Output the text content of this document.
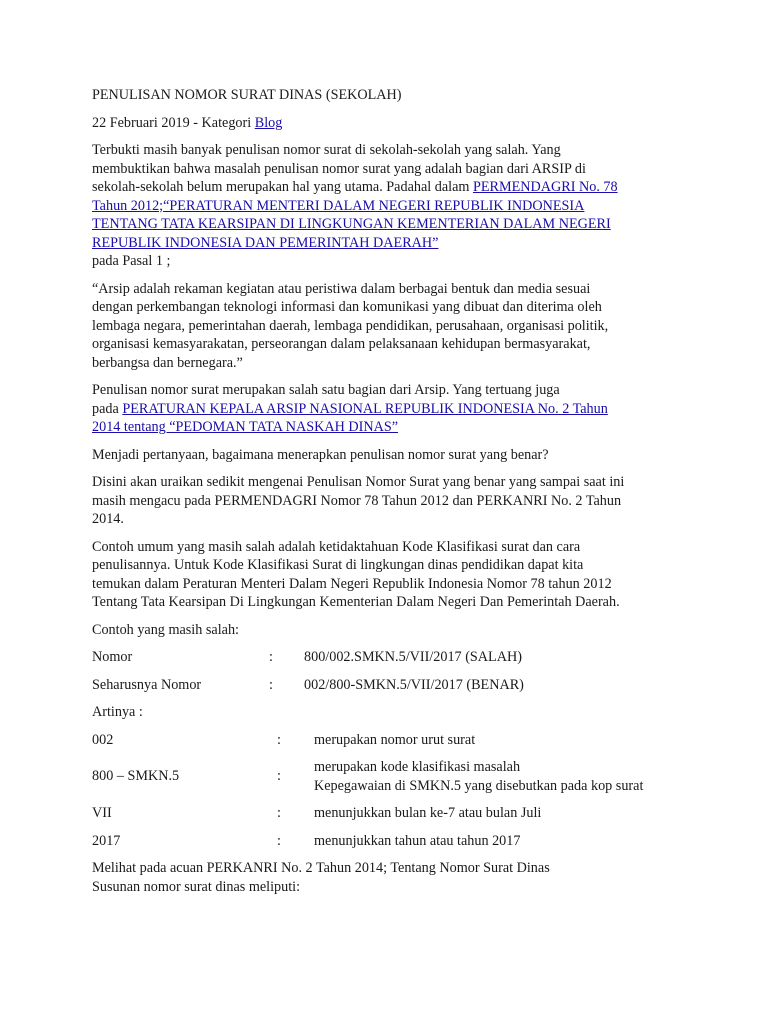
PENULISAN NOMOR SURAT DINAS (SEKOLAH)

22 Februari 2019 - Kategori Blog

Terbukti masih banyak penulisan nomor surat di sekolah-sekolah yang salah. Yang

membuktikan bahwa masalah penulisan nomor surat yang adalah bagian dari ARSIP di

sekolah-sekolah belum merupakan hal yang utama. Padahal dalam PERMENDAGRI No. 78

Tahun 2012;“PERATURAN MENTERI DALAM NEGERI REPUBLIK INDONESIA

TENTANG TATA KEARSIPAN DI LINGKUNGAN KEMENTERIAN DALAM NEGERI

REPUBLIK INDONESIA DAN PEMERINTAH DAERAH”

pada Pasal 1 ;

“Arsip adalah rekaman kegiatan atau peristiwa dalam berbagai bentuk dan media sesuai

dengan perkembangan teknologi informasi dan komunikasi yang dibuat dan diterima oleh

lembaga negara, pemerintahan daerah, lembaga pendidikan, perusahaan, organisasi politik,

organisasi kemasyarakatan, perseorangan dalam pelaksanaan kehidupan bermasyarakat,

berbangsa dan bernegara.”

Penulisan nomor surat merupakan salah satu bagian dari Arsip. Yang tertuang juga

pada PERATURAN KEPALA ARSIP NASIONAL REPUBLIK INDONESIA No. 2 Tahun

2014 tentang “PEDOMAN TATA NASKAH DINAS”

Menjadi pertanyaan, bagaimana menerapkan penulisan nomor surat yang benar?

Disini akan uraikan sedikit mengenai Penulisan Nomor Surat yang benar yang sampai saat ini

masih mengacu pada PERMENDAGRI Nomor 78 Tahun 2012 dan PERKANRI No. 2 Tahun

2014.

Contoh umum yang masih salah adalah ketidaktahuan Kode Klasifikasi surat dan cara

penulisannya. Untuk Kode Klasifikasi Surat di lingkungan dinas pendidikan dapat kita

temukan dalam Peraturan Menteri Dalam Negeri Republik Indonesia Nomor 78 tahun 2012

Tentang Tata Kearsipan Di Lingkungan Kementerian Dalam Negeri Dan Pemerintah Daerah.

Contoh yang masih salah:

Nomor	: 800/002.SMKN.5/VII/2017 (SALAH)
Seharusnya Nomor	: 002/800-SMKN.5/VII/2017 (BENAR)

Artinya :

002	: merupakan nomor urut surat
800 – SMKN.5	:
merupakan kode klasifikasi masalah
Kepegawaian di SMKN.5 yang disebutkan pada kop surat
VII	: menunjukkan bulan ke-7 atau bulan Juli
2017	: menunjukkan tahun atau tahun 2017

Melihat pada acuan PERKANRI No. 2 Tahun 2014; Tentang Nomor Surat Dinas

Susunan nomor surat dinas meliputi:
